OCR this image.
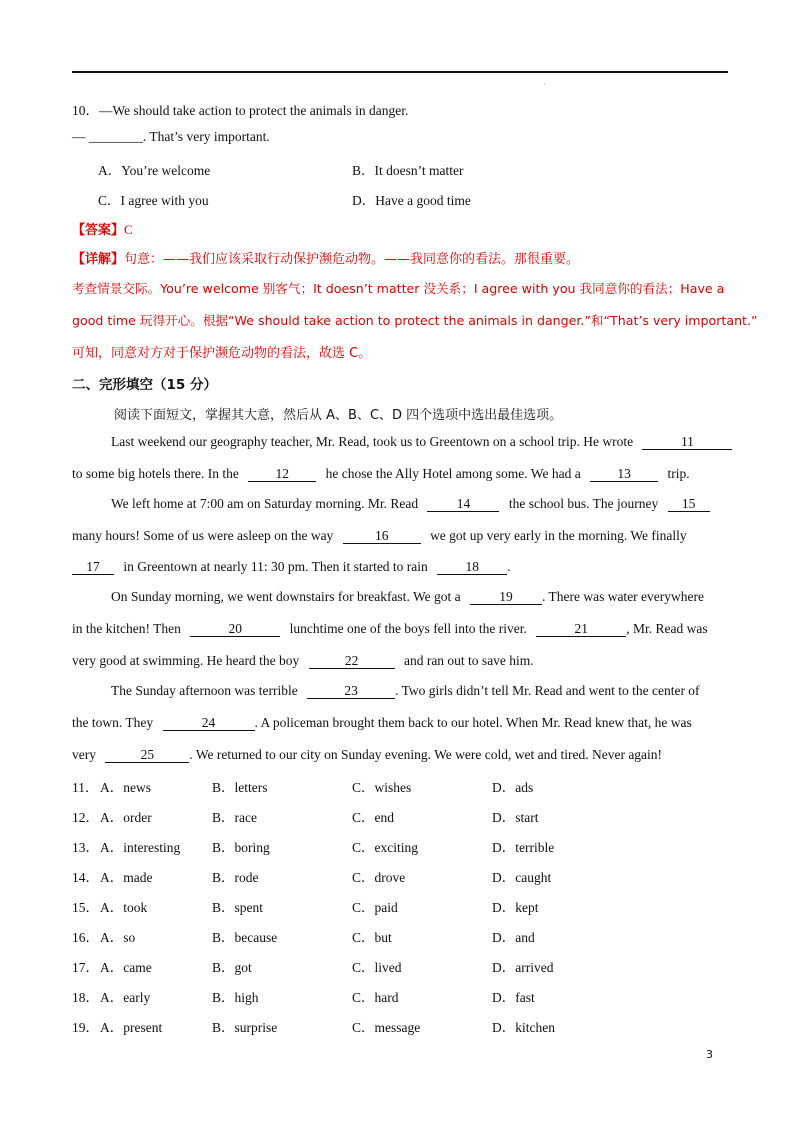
·
10．—We should take action to protect the animals in danger.
— ________. That’s very important.
A．You’re welcome	B．It doesn’t matter
C．I agree with you	D．Have a good time
【答案】C
【详解】句意：——我们应该采取行动保护濒危动物。——我同意你的看法。那很重要。
考查情景交际。You’re welcome 别客气；It doesn’t matter 没关系；I agree with you 我同意你的看法；Have a
good time 玩得开心。根据“We should take action to protect the animals in danger.”和“That’s very important.”
可知，同意对方对于保护濒危动物的看法，故选 C。
二、完形填空（15 分）
阅读下面短文，掌握其大意，然后从 A、B、C、D 四个选项中选出最佳选项。
Last weekend our geography teacher, Mr. Read, took us to Greentown on a school trip. He wrote	11
to some big hotels there. In the	12	he chose the Ally Hotel among some. We had a	13	trip.
We left home at 7:00 am on Saturday morning. Mr. Read	14	the school bus. The journey 15
many hours! Some of us were asleep on the way	16	we got up very early in the morning. We finally
17 in Greentown at nearly 11: 30 pm. Then it started to rain	18 .
On Sunday morning, we went downstairs for breakfast. We got a	19 . There was water everywhere
in the kitchen! Then	20	lunchtime one of the boys fell into the river.	21	, Mr. Read was
very good at swimming. He heard the boy	22	and ran out to save him.
The Sunday afternoon was terrible	23	. Two girls didn’t tell Mr. Read and went to the center of
the town. They	24	. A policeman brought them back to our hotel. When Mr. Read knew that, he was
very	25	. We returned to our city on Sunday evening. We were cold, wet and tired. Never again!
11． A．news	B．letters	C．wishes	D．ads
12． A．order	B．race	C．end	D．start
13． A．interesting B．boring	C．exciting	D．terrible
14． A．made	B．rode	C．drove	D．caught
15． A．took	B．spent	C．paid	D．kept
16． A．so	B．because	C．but	D．and
17． A．came	B．got	C．lived	D．arrived
18． A．early	B．high	C．hard	D．fast
19． A．present	B．surprise	C．message	D．kitchen
3
